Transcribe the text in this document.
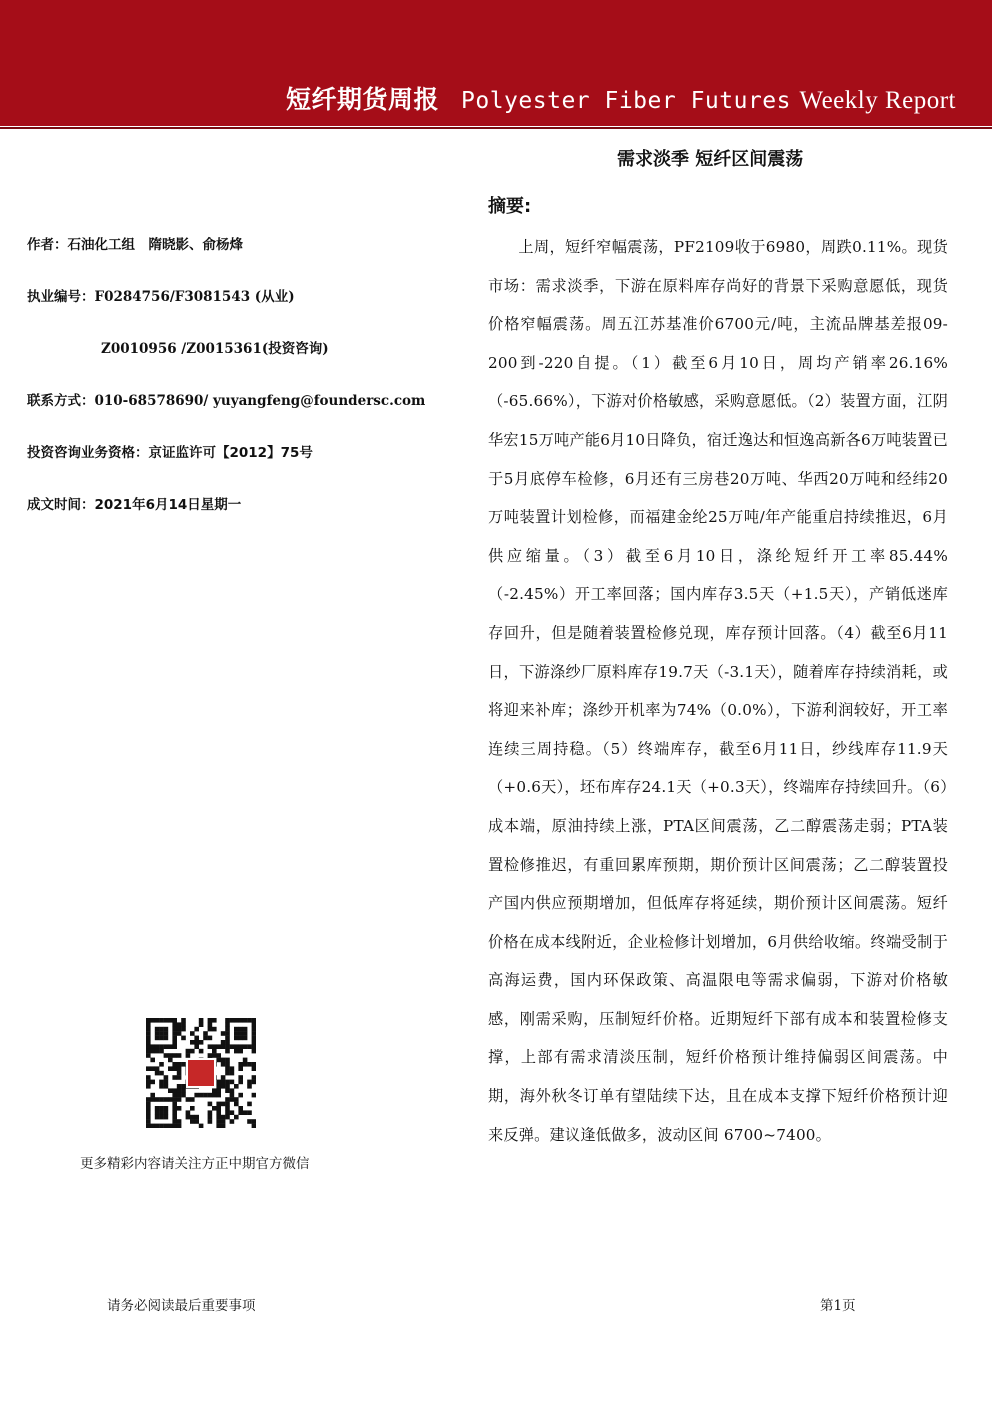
短纤期货周报 Polyester Fiber Futures Weekly Report
需求淡季 短纤区间震荡
摘要:
上周，短纤窄幅震荡，PF2109收于6980，周跌0.11%。现货市场：需求淡季，下游在原料库存尚好的背景下采购意愿低，现货价格窄幅震荡。周五江苏基准价6700元/吨，主流品牌基差报09-200到-220自提。（1）截至6月10日，周均产销率26.16%（-65.66%），下游对价格敏感，采购意愿低。（2）装置方面，江阴华宏15万吨产能6月10日降负，宿迁逸达和恒逸高新各6万吨装置已于5月底停车检修，6月还有三房巷20万吨、华西20万吨和经纬20万吨装置计划检修，而福建金纶25万吨/年产能重启持续推迟，6月供应缩量。（3）截至6月10日，涤纶短纤开工率85.44%（-2.45%）开工率回落；国内库存3.5天（+1.5天），产销低迷库存回升，但是随着装置检修兑现，库存预计回落。（4）截至6月11日，下游涤纱厂原料库存19.7天（-3.1天），随着库存持续消耗，或将迎来补库；涤纱开机率为74%（0.0%），下游利润较好，开工率连续三周持稳。（5）终端库存，截至6月11日，纱线库存11.9天（+0.6天），坯布库存24.1天（+0.3天），终端库存持续回升。（6）成本端，原油持续上涨，PTA区间震荡，乙二醇震荡走弱；PTA装置检修推迟，有重回累库预期，期价预计区间震荡；乙二醇装置投产国内供应预期增加，但低库存将延续，期价预计区间震荡。短纤价格在成本线附近，企业检修计划增加，6月供给收缩。终端受制于高海运费，国内环保政策、高温限电等需求偏弱，下游对价格敏感，刚需采购，压制短纤价格。近期短纤下部有成本和装置检修支撑，上部有需求清淡压制，短纤价格预计维持偏弱区间震荡。中期，海外秋冬订单有望陆续下达，且在成本支撑下短纤价格预计迎来反弹。建议逢低做多，波动区间 6700~7400。
作者：石油化工组　隋晓影、俞杨烽
执业编号：F0284756/F3081543 (从业)
Z0010956 /Z0015361(投资咨询)
联系方式：010-68578690/ yuyangfeng@foundersc.com
投资咨询业务资格：京证监许可【2012】75号
成文时间：2021年6月14日星期一
更多精彩内容请关注方正中期官方微信
请务必阅读最后重要事项	第1页
